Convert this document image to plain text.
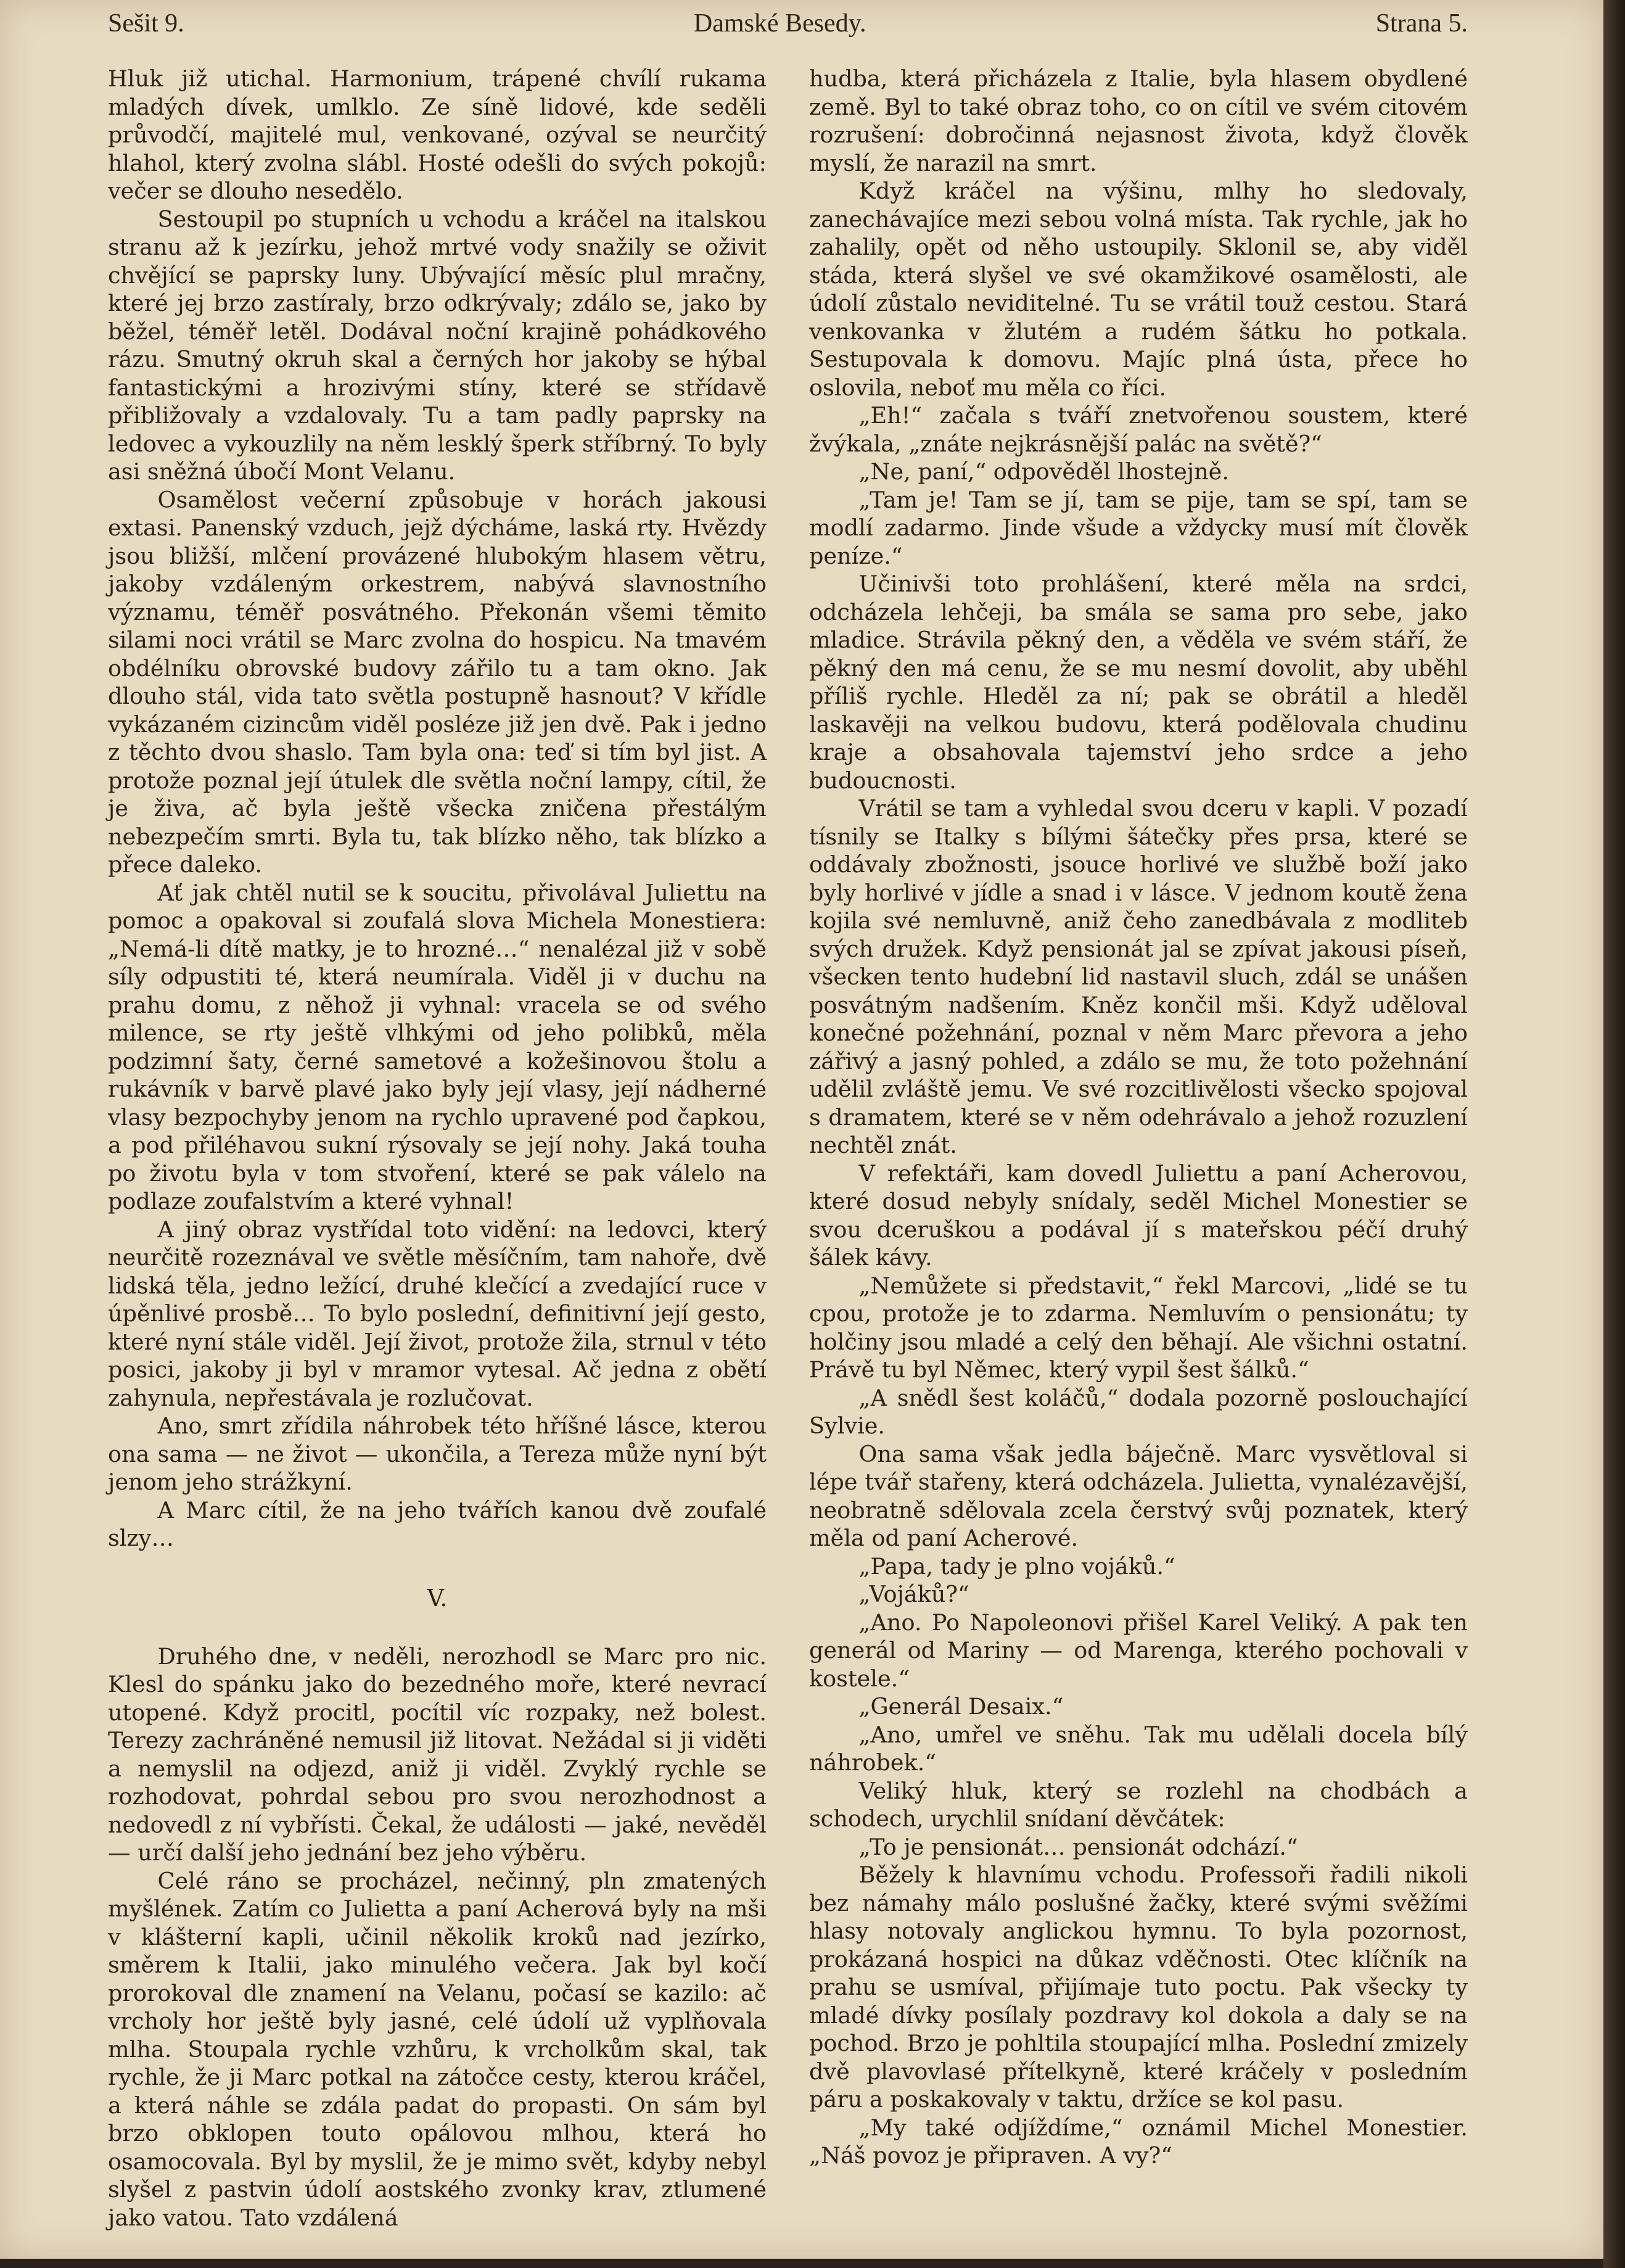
Sešit 9.	Damské Besedy.	Strana 5.

Hluk již utichal. Harmonium, trápené chvílí rukama mladých dívek, umlklo. Ze síně lidové, kde seděli průvodčí, majitelé mul, venkované, ozýval se neurčitý hlahol, který zvolna slábl. Hosté odešli do svých pokojů: večer se dlouho nesedělo.

Sestoupil po stupních u vchodu a kráčel na italskou stranu až k jezírku, jehož mrtvé vody snažily se oživit chvějící se paprsky luny. Ubývající měsíc plul mračny, které jej brzo zastíraly, brzo odkrývaly; zdálo se, jako by běžel, téměř letěl. Dodával noční krajině pohádkového rázu. Smutný okruh skal a černých hor jakoby se hýbal fantastickými a hrozivými stíny, které se střídavě přibližovaly a vzdalovaly. Tu a tam padly paprsky na ledovec a vykouzlily na něm lesklý šperk stříbrný. To byly asi sněžná úbočí Mont Velanu.

Osamělost večerní způsobuje v horách jakousi extasi. Panenský vzduch, jejž dýcháme, laská rty. Hvězdy jsou bližší, mlčení provázené hlubokým hlasem větru, jakoby vzdáleným orkestrem, nabývá slavnostního významu, téměř posvátného. Překonán všemi těmito silami noci vrátil se Marc zvolna do hospicu. Na tmavém obdélníku obrovské budovy zářilo tu a tam okno. Jak dlouho stál, vida tato světla postupně hasnout? V křídle vykázaném cizincům viděl posléze již jen dvě. Pak i jedno z těchto dvou shaslo. Tam byla ona: teď si tím byl jist. A protože poznal její útulek dle světla noční lampy, cítil, že je živa, ač byla ještě všecka zničena přestálým nebezpečím smrti. Byla tu, tak blízko něho, tak blízko a přece daleko.

Ať jak chtěl nutil se k soucitu, přivolával Juliettu na pomoc a opakoval si zoufalá slova Michela Monestiera: „Nemá-li dítě matky, je to hrozné…“ nenalézal již v sobě síly odpustiti té, která neumírala. Viděl ji v duchu na prahu domu, z něhož ji vyhnal: vracela se od svého milence, se rty ještě vlhkými od jeho polibků, měla podzimní šaty, černé sametové a kožešinovou štolu a rukávník v barvě plavé jako byly její vlasy, její nádherné vlasy bezpochyby jenom na rychlo upravené pod čapkou, a pod přiléhavou sukní rýsovaly se její nohy. Jaká touha po životu byla v tom stvoření, které se pak válelo na podlaze zoufalstvím a které vyhnal!

A jiný obraz vystřídal toto vidění: na ledovci, který neurčitě rozeznával ve světle měsíčním, tam nahoře, dvě lidská těla, jedno ležící, druhé klečící a zvedající ruce v úpěnlivé prosbě… To bylo poslední, definitivní její gesto, které nyní stále viděl. Její život, protože žila, strnul v této posici, jakoby ji byl v mramor vytesal. Ač jedna z obětí zahynula, nepřestávala je rozlučovat.

Ano, smrt zřídila náhrobek této hříšné lásce, kterou ona sama — ne život — ukončila, a Tereza může nyní být jenom jeho strážkyní.

A Marc cítil, že na jeho tvářích kanou dvě zoufalé slzy…

V.

Druhého dne, v neděli, nerozhodl se Marc pro nic. Klesl do spánku jako do bezedného moře, které nevrací utopené. Když procitl, pocítil víc rozpaky, než bolest. Terezy zachráněné nemusil již litovat. Nežádal si ji viděti a nemyslil na odjezd, aniž ji viděl. Zvyklý rychle se rozhodovat, pohrdal sebou pro svou nerozhodnost a nedovedl z ní vybřísti. Čekal, že události — jaké, nevěděl — určí další jeho jednání bez jeho výběru.

Celé ráno se procházel, nečinný, pln zmatených myšlének. Zatím co Julietta a paní Acherová byly na mši v klášterní kapli, učinil několik kroků nad jezírko, směrem k Italii, jako minulého večera. Jak byl kočí prorokoval dle znamení na Velanu, počasí se kazilo: ač vrcholy hor ještě byly jasné, celé údolí už vyplňovala mlha. Stoupala rychle vzhůru, k vrcholkům skal, tak rychle, že ji Marc potkal na zátočce cesty, kterou kráčel, a která náhle se zdála padat do propasti. On sám byl brzo obklopen touto opálovou mlhou, která ho osamocovala. Byl by myslil, že je mimo svět, kdyby nebyl slyšel z pastvin údolí aostského zvonky krav, ztlumené jako vatou. Tato vzdálená

hudba, která přicházela z Italie, byla hlasem obydlené země. Byl to také obraz toho, co on cítil ve svém citovém rozrušení: dobročinná nejasnost života, když člověk myslí, že narazil na smrt.

Když kráčel na výšinu, mlhy ho sledovaly, zanechávajíce mezi sebou volná místa. Tak rychle, jak ho zahalily, opět od něho ustoupily. Sklonil se, aby viděl stáda, která slyšel ve své okamžikové osamělosti, ale údolí zůstalo neviditelné. Tu se vrátil touž cestou. Stará venkovanka v žlutém a rudém šátku ho potkala. Sestupovala k domovu. Majíc plná ústa, přece ho oslovila, neboť mu měla co říci.

„Eh!“ začala s tváří znetvořenou soustem, které žvýkala, „znáte nejkrásnější palác na světě?“

„Ne, paní,“ odpověděl lhostejně.

„Tam je! Tam se jí, tam se pije, tam se spí, tam se modlí zadarmo. Jinde všude a vždycky musí mít člověk peníze.“

Učinivši toto prohlášení, které měla na srdci, odcházela lehčeji, ba smála se sama pro sebe, jako mladice. Strávila pěkný den, a věděla ve svém stáří, že pěkný den má cenu, že se mu nesmí dovolit, aby uběhl příliš rychle. Hleděl za ní; pak se obrátil a hleděl laskavěji na velkou budovu, která podělovala chudinu kraje a obsahovala tajemství jeho srdce a jeho budoucnosti.

Vrátil se tam a vyhledal svou dceru v kapli. V pozadí tísnily se Italky s bílými šátečky přes prsa, které se oddávaly zbožnosti, jsouce horlivé ve službě boží jako byly horlivé v jídle a snad i v lásce. V jednom koutě žena kojila své nemluvně, aniž čeho zanedbávala z modliteb svých družek. Když pensionát jal se zpívat jakousi píseň, všecken tento hudební lid nastavil sluch, zdál se unášen posvátným nadšením. Kněz končil mši. Když uděloval konečné požehnání, poznal v něm Marc převora a jeho zářivý a jasný pohled, a zdálo se mu, že toto požehnání udělil zvláště jemu. Ve své rozcitlivělosti všecko spojoval s dramatem, které se v něm odehrávalo a jehož rozuzlení nechtěl znát.

V refektáři, kam dovedl Juliettu a paní Acherovou, které dosud nebyly snídaly, seděl Michel Monestier se svou dceruškou a podával jí s mateřskou péčí druhý šálek kávy.

„Nemůžete si představit,“ řekl Marcovi, „lidé se tu cpou, protože je to zdarma. Nemluvím o pensionátu; ty holčiny jsou mladé a celý den běhají. Ale všichni ostatní. Právě tu byl Němec, který vypil šest šálků.“

„A snědl šest koláčů,“ dodala pozorně poslouchající Sylvie.

Ona sama však jedla báječně. Marc vysvětloval si lépe tvář stařeny, která odcházela. Julietta, vynalézavější, neobratně sdělovala zcela čerstvý svůj poznatek, který měla od paní Acherové.

„Papa, tady je plno vojáků.“

„Vojáků?“

„Ano. Po Napoleonovi přišel Karel Veliký. A pak ten generál od Mariny — od Marenga, kterého pochovali v kostele.“

„Generál Desaix.“

„Ano, umřel ve sněhu. Tak mu udělali docela bílý náhrobek.“

Veliký hluk, který se rozlehl na chodbách a schodech, urychlil snídaní děvčátek:

„To je pensionát… pensionát odchází.“

Běžely k hlavnímu vchodu. Professoři řadili nikoli bez námahy málo poslušné žačky, které svými svěžími hlasy notovaly anglickou hymnu. To byla pozornost, prokázaná hospici na důkaz vděčnosti. Otec klíčník na prahu se usmíval, přijímaje tuto poctu. Pak všecky ty mladé dívky posílaly pozdravy kol dokola a daly se na pochod. Brzo je pohltila stoupající mlha. Poslední zmizely dvě plavovlasé přítelkyně, které kráčely v posledním páru a poskakovaly v taktu, držíce se kol pasu.

„My také odjíždíme,“ oznámil Michel Monestier. „Náš povoz je připraven. A vy?“
